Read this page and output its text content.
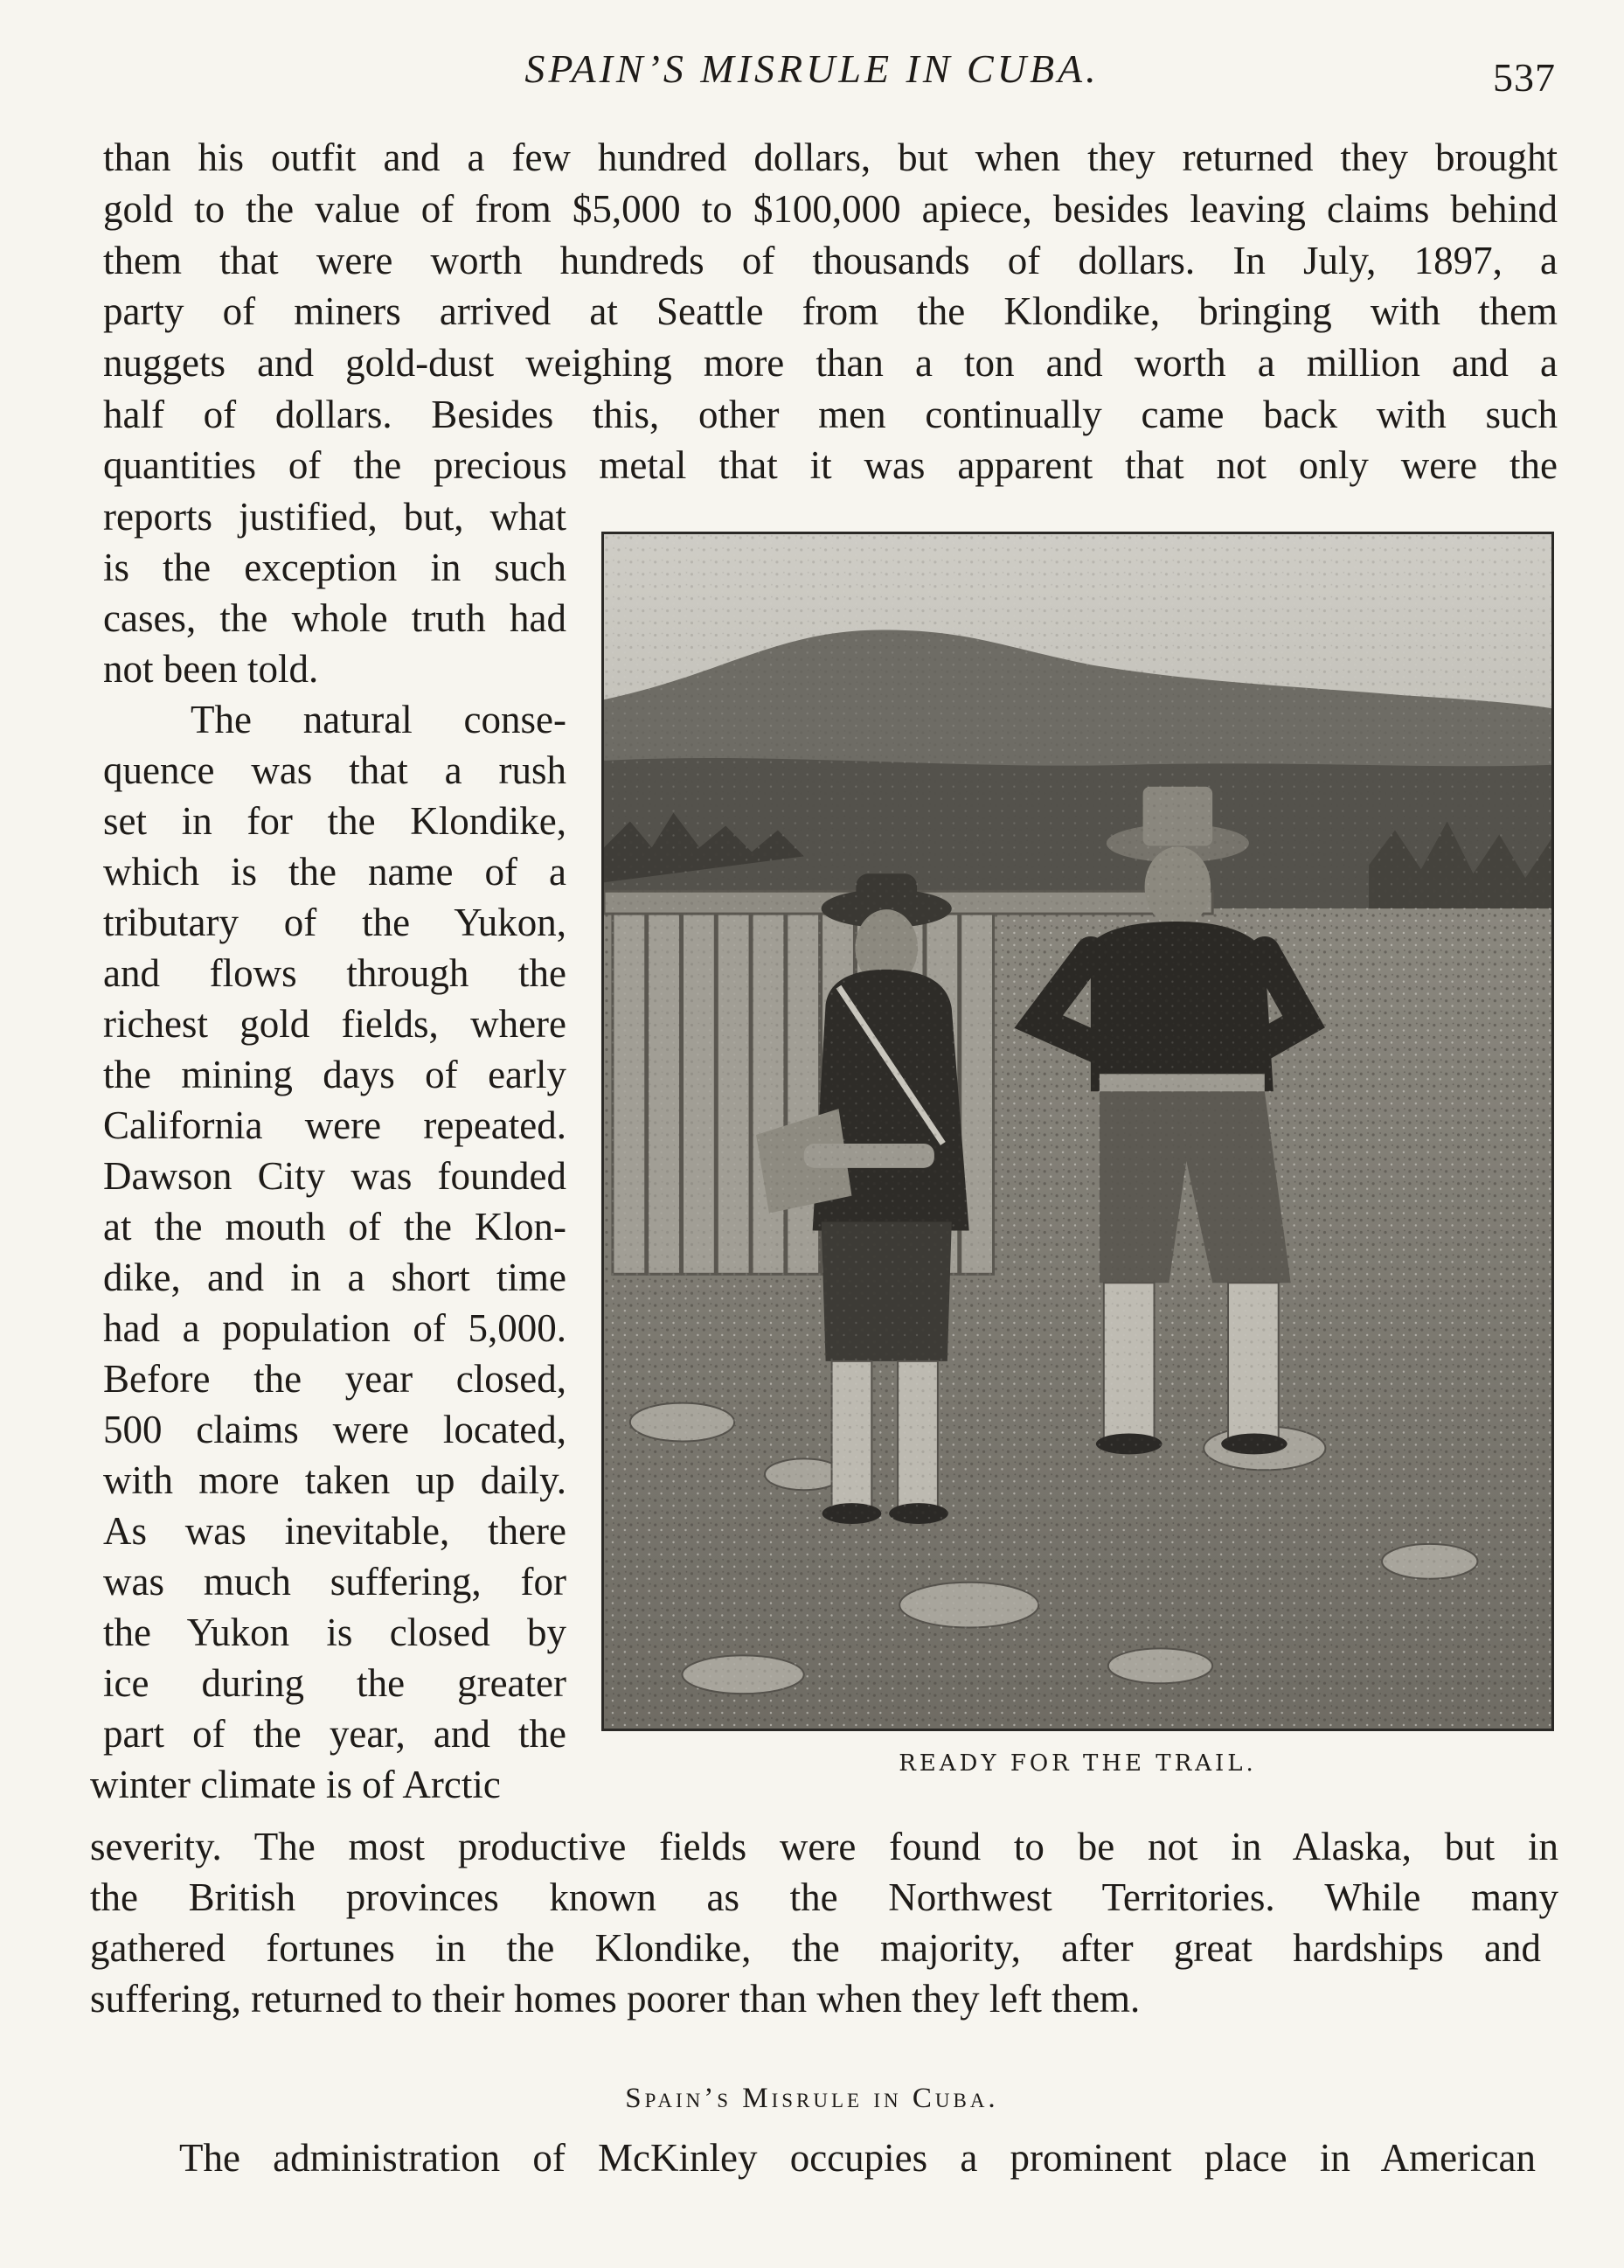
SPAIN’S MISRULE IN CUBA.	537
than his outfit and a few hundred dollars, but when they returned they brought
gold to the value of from $5,000 to $100,000 apiece, besides leaving claims behind
them that were worth hundreds of thousands of dollars. In July, 1897, a
party of miners arrived at Seattle from the Klondike, bringing with them
nuggets and gold-dust weighing more than a ton and worth a million and a
half of dollars. Besides this, other men continually came back with such
quantities of the precious metal that it was apparent that not only were the
reports justified, but, what
is the exception in such
cases, the whole truth had
not been told.
The natural conse-
quence was that a rush
set in for the Klondike,
which is the name of a
tributary of the Yukon,
and flows through the
richest gold fields, where
the mining days of early
California were repeated.
Dawson City was founded
at the mouth of the Klon-
dike, and in a short time
had a population of 5,000.
Before the year closed,
500 claims were located,
with more taken up daily.
As was inevitable, there
was much suffering, for
the Yukon is closed by
ice during the greater
part of the year, and the
winter climate is of Arctic	READY FOR THE TRAIL.
severity. The most productive fields were found to be not in Alaska, but in
the British provinces known as the Northwest Territories. While many
gathered fortunes in the Klondike, the majority, after great hardships and
suffering, returned to their homes poorer than when they left them.
Spain’s Misrule in Cuba.
The administration of McKinley occupies a prominent place in American
